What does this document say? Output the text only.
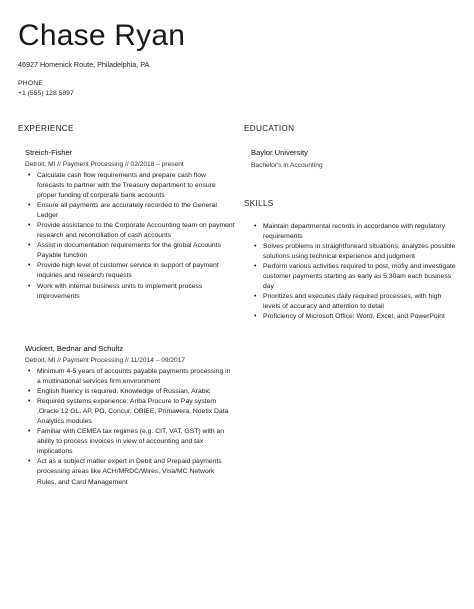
Chase Ryan
46927 Homenick Route, Philadelphia, PA
PHONE
+1 (555) 128 5897
EXPERIENCE
Streich-Fisher
Detroit, MI // Payment Processing // 02/2018 – present
• Calculate cash flow requirements and prepare cash flow forecasts to partner with the Treasury department to ensure proper funding of corporate bank accounts
• Ensure all payments are accurately recorded to the General Ledger
• Provide assistance to the Corporate Accounting team on payment research and reconciliation of cash accounts
• Assist in documentation requirements for the global Accounts Payable function
• Provide high level of customer service in support of payment inquiries and research requests
• Work with internal business units to implement process improvements
Wuckert, Bednar and Schultz
Detroit, MI // Payment Processing // 11/2014 – 09/2017
• Minimum 4-5 years of accounts payable payments processing in a multinational services firm environment
• English fluency is required; Knowledge of Russian, Arabic
• Required systems experience: Ariba Procure to Pay system ,Oracle 12 GL, AP, PO, Concur, OBIEE, Primavera, Noetix Data Analytics modules
• Familiar with CEMEA tax regimes (e.g. CIT, VAT, GST) with an ability to process invoices in view of accounting and tax implications
• Act as a subject matter expert in Debit and Prepaid payments processing areas like ACH/MRDC/Wires, Visa/MC Network Rules, and Card Management
EDUCATION
Baylor University
Bachelor's in Accounting
SKILLS
• Maintain departmental records in accordance with regulatory requirements
• Solves problems in straightforward situations; analyzes possible solutions using technical experience and judgment
• Perform various activities required to post, mofiy and investigate customer payments starting as early as 5:30am each business day
• Prioritizes and executes daily required processes, with high levels of accuracy and attention to detail
• Proficiency of Microsoft Office: Word, Excel, and PowerPoint
